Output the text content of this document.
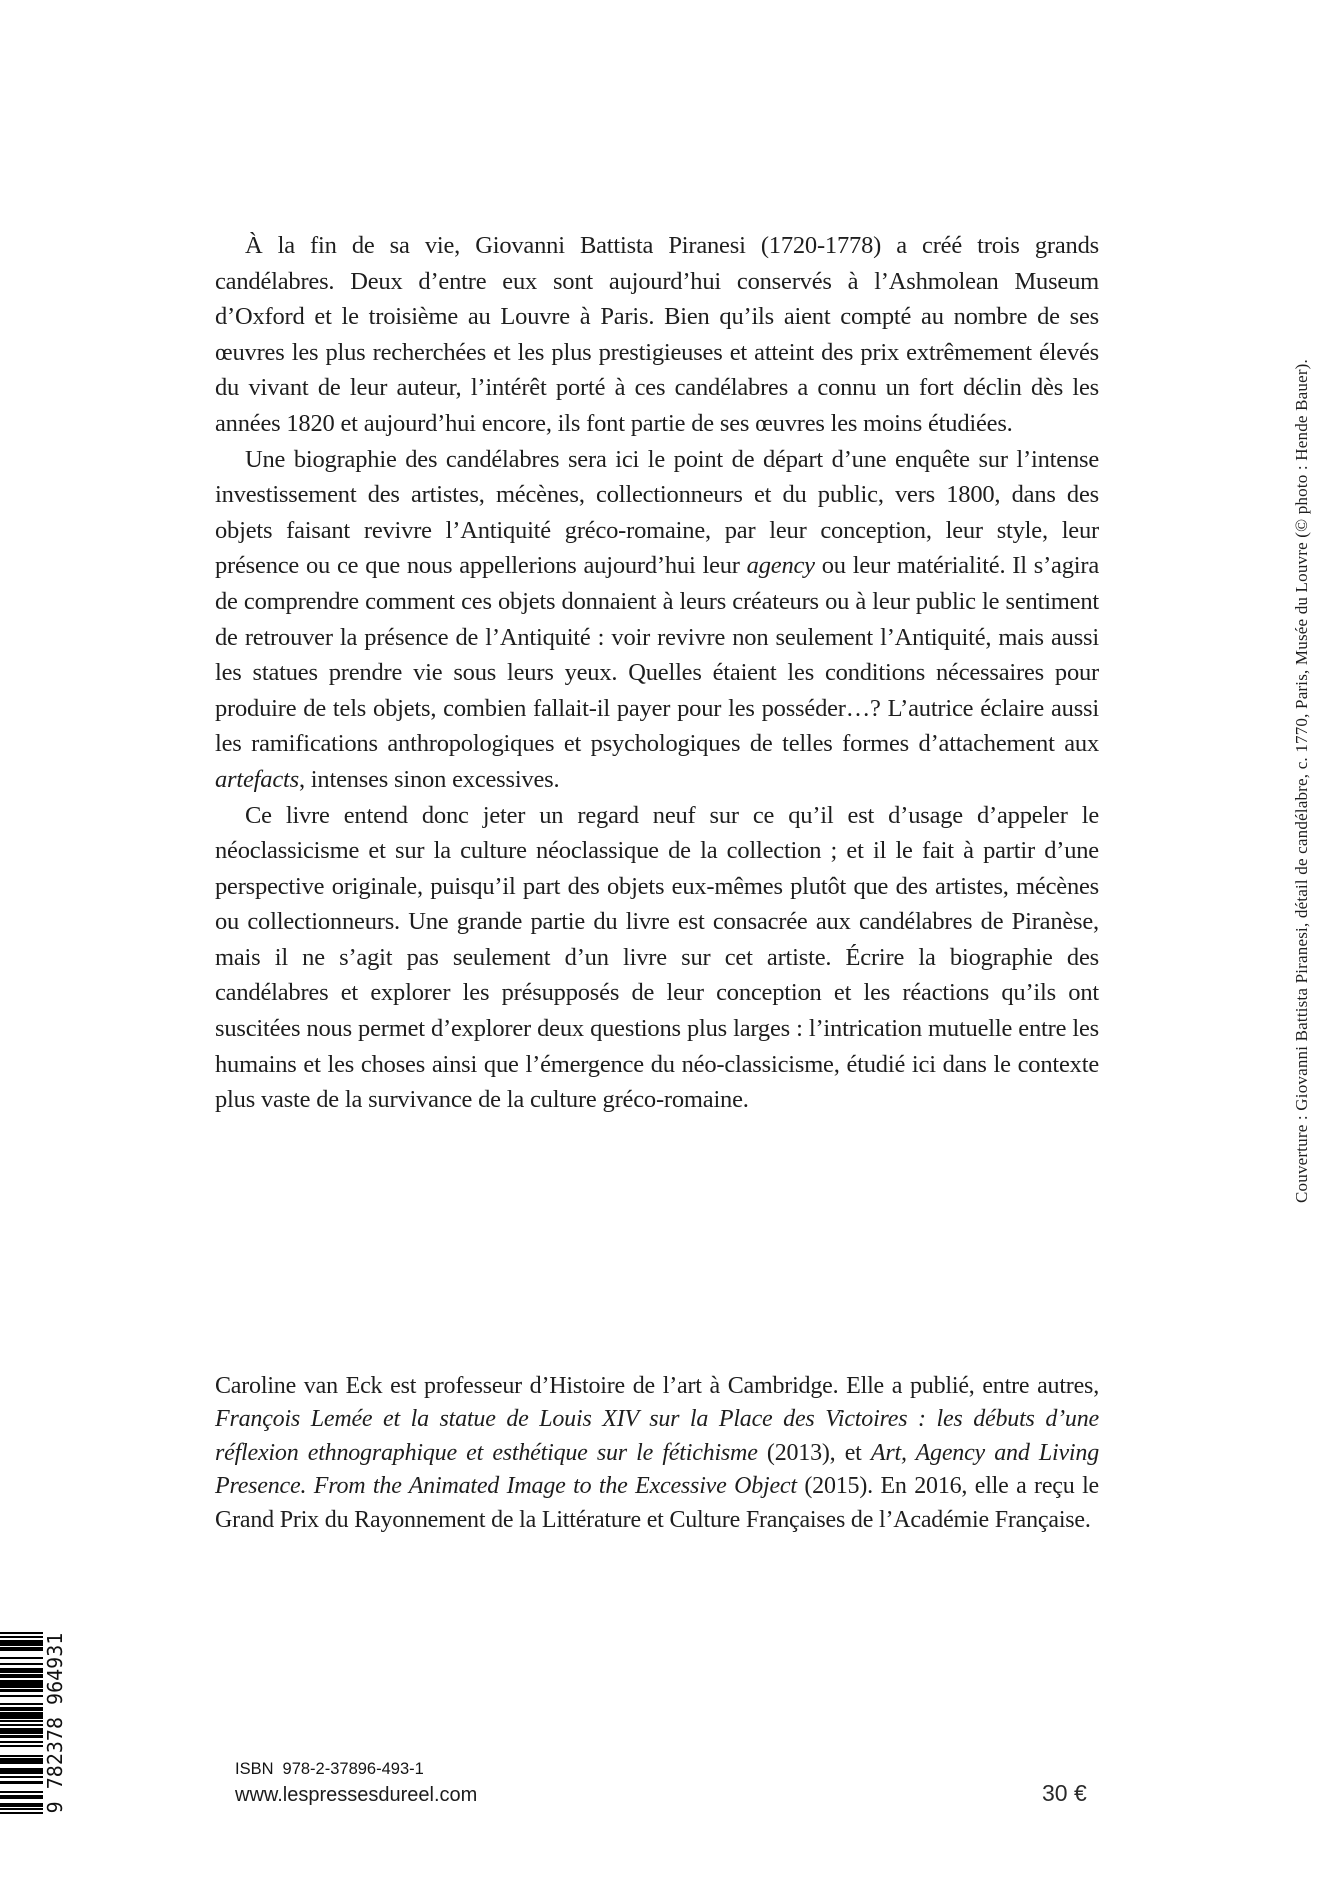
À la fin de sa vie, Giovanni Battista Piranesi (1720-1778) a créé trois grands candélabres. Deux d’entre eux sont aujourd’hui conservés à l’Ashmolean Museum d’Oxford et le troisième au Louvre à Paris. Bien qu’ils aient compté au nombre de ses œuvres les plus recherchées et les plus prestigieuses et atteint des prix extrêmement élevés du vivant de leur auteur, l’intérêt porté à ces candélabres a connu un fort déclin dès les années 1820 et aujourd’hui encore, ils font partie de ses œuvres les moins étudiées.

Une biographie des candélabres sera ici le point de départ d’une enquête sur l’intense investissement des artistes, mécènes, collectionneurs et du public, vers 1800, dans des objets faisant revivre l’Antiquité gréco-romaine, par leur conception, leur style, leur présence ou ce que nous appellerions aujourd’hui leur agency ou leur matérialité. Il s’agira de comprendre comment ces objets donnaient à leurs créateurs ou à leur public le sentiment de retrouver la présence de l’Antiquité : voir revivre non seulement l’Antiquité, mais aussi les statues prendre vie sous leurs yeux. Quelles étaient les conditions nécessaires pour produire de tels objets, combien fallait-il payer pour les posséder…? L’autrice éclaire aussi les ramifications anthropologiques et psychologiques de telles formes d’attachement aux artefacts, intenses sinon excessives.

Ce livre entend donc jeter un regard neuf sur ce qu’il est d’usage d’appeler le néoclassicisme et sur la culture néoclassique de la collection ; et il le fait à partir d’une perspective originale, puisqu’il part des objets eux-mêmes plutôt que des artistes, mécènes ou collectionneurs. Une grande partie du livre est consacrée aux candélabres de Piranèse, mais il ne s’agit pas seulement d’un livre sur cet artiste. Écrire la biographie des candélabres et explorer les présupposés de leur conception et les réactions qu’ils ont suscitées nous permet d’explorer deux questions plus larges : l’intrication mutuelle entre les humains et les choses ainsi que l’émergence du néo-classicisme, étudié ici dans le contexte plus vaste de la survivance de la culture gréco-romaine.

Caroline van Eck est professeur d’Histoire de l’art à Cambridge. Elle a publié, entre autres, François Lemée et la statue de Louis XIV sur la Place des Victoires : les débuts d’une réflexion ethnographique et esthétique sur le fétichisme (2013), et Art, Agency and Living Presence. From the Animated Image to the Excessive Object (2015). En 2016, elle a reçu le Grand Prix du Rayonnement de la Littérature et Culture Françaises de l’Académie Française.

Couverture : Giovanni Battista Piranesi, détail de candélabre, c. 1770, Paris, Musée du Louvre (© photo : Hende Bauer).
9 782378 964931	ISBN 978-2-37896-493-1
www.lespressesdureel.com	30 €
